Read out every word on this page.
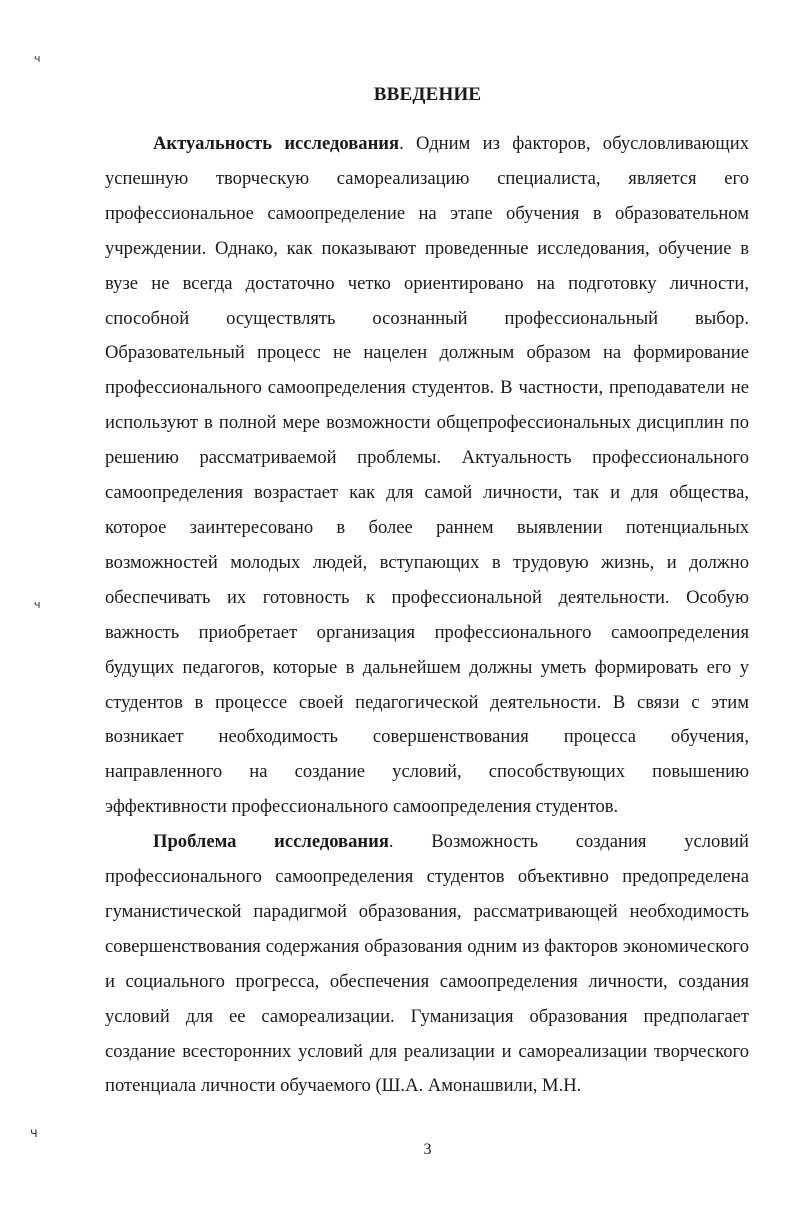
ч
ч
ч
ВВЕДЕНИЕ

Актуальность исследования. Одним из факторов, обусловливающих успешную творческую самореализацию специалиста, является его профессиональное самоопределение на этапе обучения в образовательном учреждении. Однако, как показывают проведенные исследования, обучение в вузе не всегда достаточно четко ориентировано на подготовку личности, способной осуществлять осознанный профессиональный выбор. Образовательный процесс не нацелен должным образом на формирование профессионального самоопределения студентов. В частности, преподаватели не используют в полной мере возможности общепрофессиональных дисциплин по решению рассматриваемой проблемы. Актуальность профессионального самоопределения возрастает как для самой личности, так и для общества, которое заинтересовано в более раннем выявлении потенциальных возможностей молодых людей, вступающих в трудовую жизнь, и должно обеспечивать их готовность к профессиональной деятельности. Особую важность приобретает организация профессионального самоопределения будущих педагогов, которые в дальнейшем должны уметь формировать его у студентов в процессе своей педагогической деятельности. В связи с этим возникает необходимость совершенствования процесса обучения, направленного на создание условий, способствующих повышению эффективности профессионального самоопределения студентов.

Проблема исследования. Возможность создания условий профессионального самоопределения студентов объективно предопределена гуманистической парадигмой образования, рассматривающей необходимость совершенствования содержания образования одним из факторов экономического и социального прогресса, обеспечения самоопределения личности, создания условий для ее самореализации. Гуманизация образования предполагает создание всесторонних условий для реализации и самореализации творческого потенциала личности обучаемого (Ш.А. Амонашвили, М.Н.

3
